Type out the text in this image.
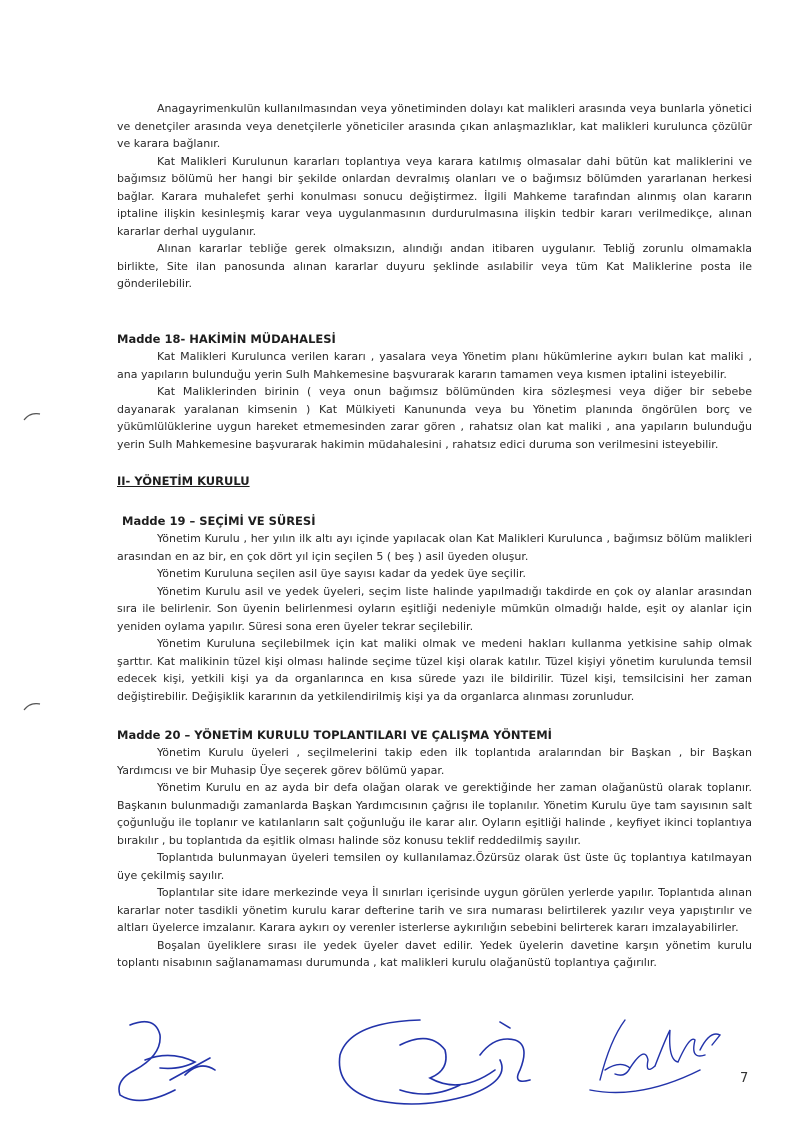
Anagayrimenkulün kullanılmasından veya yönetiminden dolayı kat malikleri arasında veya bunlarla yönetici ve denetçiler arasında veya denetçilerle yöneticiler arasında çıkan anlaşmazlıklar, kat malikleri kurulunca çözülür ve karara bağlanır.

Kat Malikleri Kurulunun kararları toplantıya veya karara katılmış olmasalar dahi bütün kat maliklerini ve bağımsız bölümü her hangi bir şekilde onlardan devralmış olanları ve o bağımsız bölümden yararlanan herkesi bağlar. Karara muhalefet şerhi konulması sonucu değiştirmez. İlgili Mahkeme tarafından alınmış olan kararın iptaline ilişkin kesinleşmiş karar veya uygulanmasının durdurulmasına ilişkin tedbir kararı verilmedikçe, alınan kararlar derhal uygulanır.

Alınan kararlar tebliğe gerek olmaksızın, alındığı andan itibaren uygulanır. Tebliğ zorunlu olmamakla birlikte, Site ilan panosunda alınan kararlar duyuru şeklinde asılabilir veya tüm Kat Maliklerine posta ile gönderilebilir.

Madde 18- HAKİMİN MÜDAHALESİ

Kat Malikleri Kurulunca verilen kararı , yasalara veya Yönetim planı hükümlerine aykırı bulan kat maliki , ana yapıların bulunduğu yerin Sulh Mahkemesine başvurarak kararın tamamen veya kısmen iptalini isteyebilir.

Kat Maliklerinden birinin ( veya onun bağımsız bölümünden kira sözleşmesi veya diğer bir sebebe dayanarak yaralanan kimsenin ) Kat Mülkiyeti Kanununda veya bu Yönetim planında öngörülen borç ve yükümlülüklerine uygun hareket etmemesinden zarar gören , rahatsız olan kat maliki , ana yapıların bulunduğu yerin Sulh Mahkemesine başvurarak hakimin müdahalesini , rahatsız edici duruma son verilmesini isteyebilir.

II- YÖNETİM KURULU
Madde 19 – SEÇİMİ VE SÜRESİ

Yönetim Kurulu , her yılın ilk altı ayı içinde yapılacak olan Kat Malikleri Kurulunca , bağımsız bölüm malikleri arasından en az bir, en çok dört yıl için seçilen 5 ( beş ) asil üyeden oluşur.

Yönetim Kuruluna seçilen asil üye sayısı kadar da yedek üye seçilir.

Yönetim Kurulu asil ve yedek üyeleri, seçim liste halinde yapılmadığı takdirde en çok oy alanlar arasından sıra ile belirlenir. Son üyenin belirlenmesi oyların eşitliği nedeniyle mümkün olmadığı halde, eşit oy alanlar için yeniden oylama yapılır. Süresi sona eren üyeler tekrar seçilebilir.

Yönetim Kuruluna seçilebilmek için kat maliki olmak ve medeni hakları kullanma yetkisine sahip olmak şarttır. Kat malikinin tüzel kişi olması halinde seçime tüzel kişi olarak katılır. Tüzel kişiyi yönetim kurulunda temsil edecek kişi, yetkili kişi ya da organlarınca en kısa sürede yazı ile bildirilir. Tüzel kişi, temsilcisini her zaman değiştirebilir. Değişiklik kararının da yetkilendirilmiş kişi ya da organlarca alınması zorunludur.

Madde 20 – YÖNETİM KURULU TOPLANTILARI VE ÇALIŞMA YÖNTEMİ

Yönetim Kurulu üyeleri , seçilmelerini takip eden ilk toplantıda aralarından bir Başkan , bir Başkan Yardımcısı ve bir Muhasip Üye seçerek görev bölümü yapar.

Yönetim Kurulu en az ayda bir defa olağan olarak ve gerektiğinde her zaman olağanüstü olarak toplanır. Başkanın bulunmadığı zamanlarda Başkan Yardımcısının çağrısı ile toplanılır. Yönetim Kurulu üye tam sayısının salt çoğunluğu ile toplanır ve katılanların salt çoğunluğu ile karar alır. Oyların eşitliği halinde , keyfiyet ikinci toplantıya bırakılır , bu toplantıda da eşitlik olması halinde söz konusu teklif reddedilmiş sayılır.

Toplantıda bulunmayan üyeleri temsilen oy kullanılamaz.Özürsüz olarak üst üste üç toplantıya katılmayan üye çekilmiş sayılır.

Toplantılar site idare merkezinde veya İl sınırları içerisinde uygun görülen yerlerde yapılır. Toplantıda alınan kararlar noter tasdikli yönetim kurulu karar defterine tarih ve sıra numarası belirtilerek yazılır veya yapıştırılır ve altları üyelerce imzalanır. Karara aykırı oy verenler isterlerse aykırılığın sebebini belirterek kararı imzalayabilirler.

Boşalan üyeliklere sırası ile yedek üyeler davet edilir. Yedek üyelerin davetine karşın yönetim kurulu toplantı nisabının sağlanamaması durumunda , kat malikleri kurulu olağanüstü toplantıya çağırılır.

7
